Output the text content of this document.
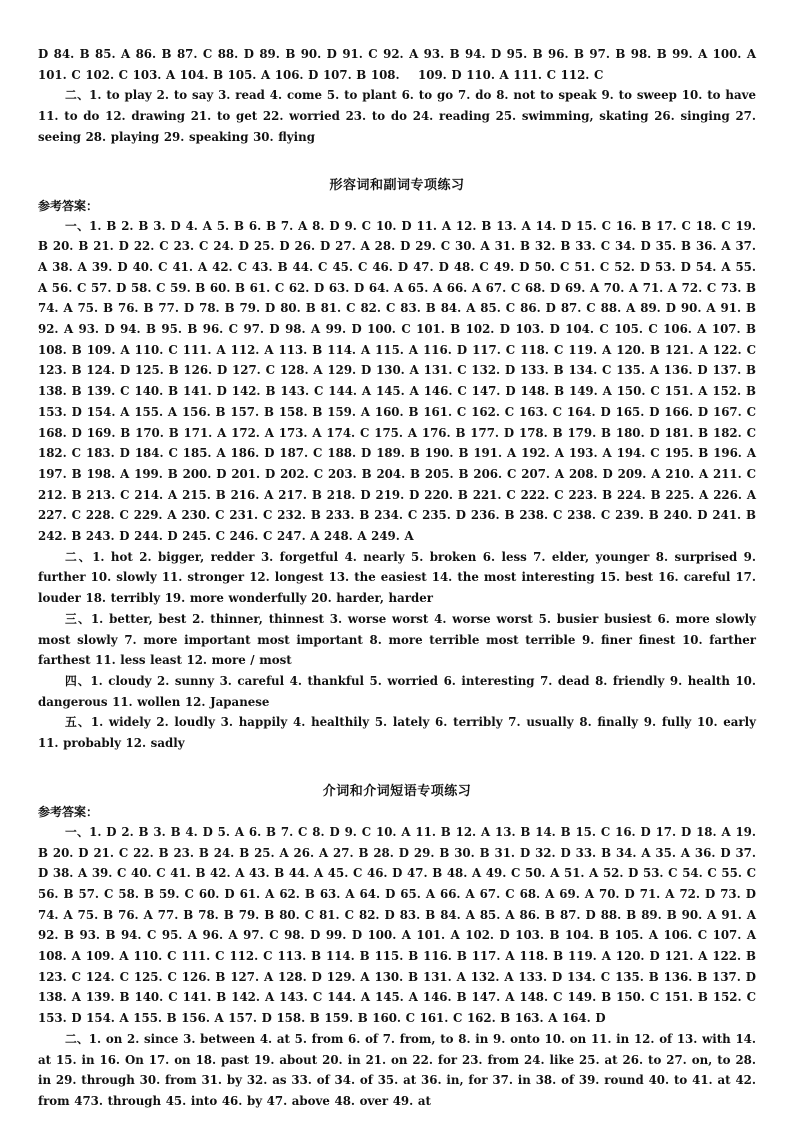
D 84. B 85. A 86. B 87. C 88. D 89. B 90. D 91. C 92. A 93. B 94. D 95. B 96. B 97. B 98. B 99. A 100. A 101. C 102. C 103. A 104. B 105. A 106. D 107. B 108.    109. D 110. A 111. C 112. C

二、1. to play 2. to say 3. read 4. come 5. to plant 6. to go 7. do 8. not to speak 9. to sweep 10. to have 11. to do 12. drawing 21. to get 22. worried 23. to do 24. reading 25. swimming, skating 26. singing 27. seeing 28. playing 29. speaking 30. flying

形容词和副词专项练习
参考答案：

一、1. B 2. B 3. D 4. A 5. B 6. B 7. A 8. D 9. C 10. D 11. A 12. B 13. A 14. D 15. C 16. B 17. C 18. C 19. B 20. B 21. D 22. C 23. C 24. D 25. D 26. D 27. A 28. D 29. C 30. A 31. B 32. B 33. C 34. D 35. B 36. A 37. A 38. A 39. D 40. C 41. A 42. C 43. B 44. C 45. C 46. D 47. D 48. C 49. D 50. C 51. C 52. D 53. D 54. A 55. A 56. C 57. D 58. C 59. B 60. B 61. C 62. D 63. D 64. A 65. A 66. A 67. C 68. D 69. A 70. A 71. A 72. C 73. B 74. A 75. B 76. B 77. D 78. B 79. D 80. B 81. C 82. C 83. B 84. A 85. C 86. D 87. C 88. A 89. D 90. A 91. B 92. A 93. D 94. B 95. B 96. C 97. D 98. A 99. D 100. C 101. B 102. D 103. D 104. C 105. C 106. A 107. B 108. B 109. A 110. C 111. A 112. A 113. B 114. A 115. A 116. D 117. C 118. C 119. A 120. B 121. A 122. C 123. B 124. D 125. B 126. D 127. C 128. A 129. D 130. A 131. C 132. D 133. B 134. C 135. A 136. D 137. B 138. B 139. C 140. B 141. D 142. B 143. C 144. A 145. A 146. C 147. D 148. B 149. A 150. C 151. A 152. B 153. D 154. A 155. A 156. B 157. B 158. B 159. A 160. B 161. C 162. C 163. C 164. D 165. D 166. D 167. C 168. D 169. B 170. B 171. A 172. A 173. A 174. C 175. A 176. B 177. D 178. B 179. B 180. D 181. B 182. C 182. C 183. D 184. C 185. A 186. D 187. C 188. D 189. B 190. B 191. A 192. A 193. A 194. C 195. B 196. A 197. B 198. A 199. B 200. D 201. D 202. C 203. B 204. B 205. B 206. C 207. A 208. D 209. A 210. A 211. C 212. B 213. C 214. A 215. B 216. A 217. B 218. D 219. D 220. B 221. C 222. C 223. B 224. B 225. A 226. A 227. C 228. C 229. A 230. C 231. C 232. B 233. B 234. C 235. D 236. B 238. C 238. C 239. B 240. D 241. B 242. B 243. D 244. D 245. C 246. C 247. A 248. A 249. A

二、1. hot 2. bigger, redder 3. forgetful 4. nearly 5. broken 6. less 7. elder, younger 8. surprised 9. further 10. slowly 11. stronger 12. longest 13. the easiest 14. the most interesting 15. best 16. careful 17. louder 18. terribly 19. more wonderfully 20. harder, harder

三、1. better, best 2. thinner, thinnest 3. worse worst 4. worse worst 5. busier busiest 6. more slowly most slowly 7. more important most important 8. more terrible most terrible 9. finer finest 10. farther farthest 11. less least 12. more / most

四、1. cloudy 2. sunny 3. careful 4. thankful 5. worried 6. interesting 7. dead 8. friendly 9. health 10. dangerous 11. wollen 12. Japanese

五、1. widely 2. loudly 3. happily 4. healthily 5. lately 6. terribly 7. usually 8. finally 9. fully 10. early 11. probably 12. sadly

介词和介词短语专项练习
参考答案：

一、1. D 2. B 3. B 4. D 5. A 6. B 7. C 8. D 9. C 10. A 11. B 12. A 13. B 14. B 15. C 16. D 17. D 18. A 19. B 20. D 21. C 22. B 23. B 24. B 25. A 26. A 27. B 28. D 29. B 30. B 31. D 32. D 33. B 34. A 35. A 36. D 37. D 38. A 39. C 40. C 41. B 42. A 43. B 44. A 45. C 46. D 47. B 48. A 49. C 50. A 51. A 52. D 53. C 54. C 55. C 56. B 57. C 58. B 59. C 60. D 61. A 62. B 63. A 64. D 65. A 66. A 67. C 68. A 69. A 70. D 71. A 72. D 73. D 74. A 75. B 76. A 77. B 78. B 79. B 80. C 81. C 82. D 83. B 84. A 85. A 86. B 87. D 88. B 89. B 90. A 91. A 92. B 93. B 94. C 95. A 96. A 97. C 98. D 99. D 100. A 101. A 102. D 103. B 104. B 105. A 106. C 107. A 108. A 109. A 110. C 111. C 112. C 113. B 114. B 115. B 116. B 117. A 118. B 119. A 120. D 121. A 122. B 123. C 124. C 125. C 126. B 127. A 128. D 129. A 130. B 131. A 132. A 133. D 134. C 135. B 136. B 137. D 138. A 139. B 140. C 141. B 142. A 143. C 144. A 145. A 146. B 147. A 148. C 149. B 150. C 151. B 152. C 153. D 154. A 155. B 156. A 157. D 158. B 159. B 160. C 161. C 162. B 163. A 164. D

二、1. on 2. since 3. between 4. at 5. from 6. of 7. from, to 8. in 9. onto 10. on 11. in 12. of 13. with 14. at 15. in 16. On 17. on 18. past 19. about 20. in 21. on 22. for 23. from 24. like 25. at 26. to 27. on, to 28. in 29. through 30. from 31. by 32. as 33. of 34. of 35. at 36. in, for 37. in 38. of 39. round 40. to 41. at 42. from 473. through 45. into 46. by 47. above 48. over 49. at
